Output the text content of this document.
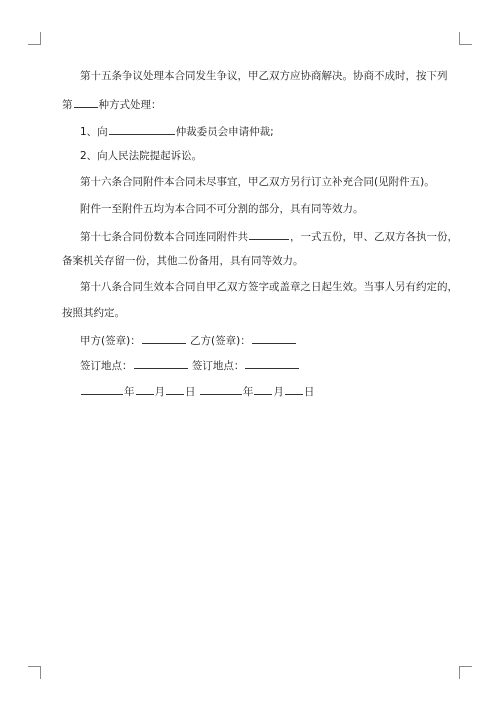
第十五条争议处理本合同发生争议，甲乙双方应协商解决。协商不成时，按下列
第 种方式处理：
1、向	仲裁委员会申请仲裁;
2、向人民法院提起诉讼。
第十六条合同附件本合同未尽事宜，甲乙双方另行订立补充合同(见附件五)。
附件一至附件五均为本合同不可分割的部分，具有同等效力。
第十七条合同份数本合同连同附件共	，一式五份，甲、乙双方各执一份，
备案机关存留一份，其他二份备用，具有同等效力。
第十八条合同生效本合同自甲乙双方签字或盖章之日起生效。当事人另有约定的，
按照其约定。
甲方(签章)：	乙方(签章)：
签订地点：	签订地点：
年 月 日	年 月 日
